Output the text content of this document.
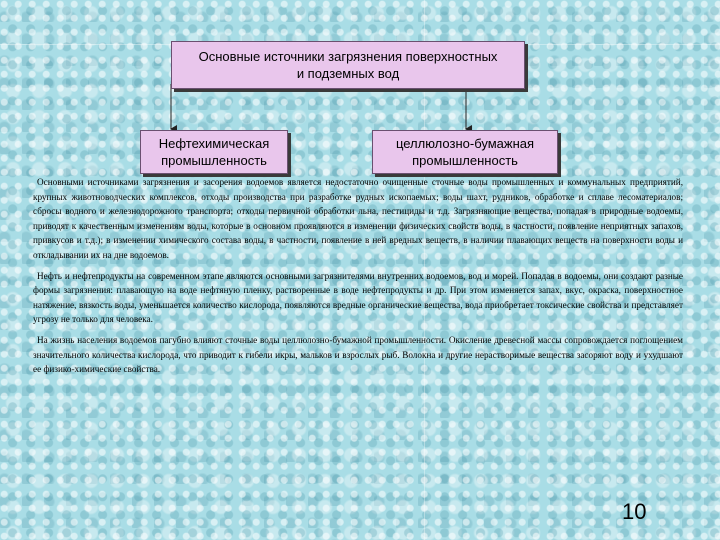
Основные источники загрязнения поверхностных
и подземных вод
Нефтехимическая
промышленность
целлюлозно-бумажная
промышленность

Основными источниками загрязнения и засорения водоемов является недостаточно очищенные сточные воды промышленных и коммунальных предприятий, крупных животноводческих комплексов, отходы производства при разработке рудных ископаемых; воды шахт, рудников, обработке и сплаве лесоматериалов; сбросы водного и железнодорожного транспорта; отходы первичной обработки льна, пестициды и т.д. Загрязняющие вещества, попадая в природные водоемы, приводят к качественным изменениям воды, которые в основном проявляются в изменении физических свойств воды, в частности, появление неприятных запахов, привкусов и т.д.); в изменении химического состава воды, в частности, появление в ней вредных веществ, в наличии плавающих веществ на поверхности воды и откладывании их на дне водоемов.

Нефть и нефтепродукты на современном этапе являются основными загрязнителями внутренних водоемов, вод и морей. Попадая в водоемы, они создают разные формы загрязнения: плавающую на воде нефтяную пленку, растворенные в воде нефтепродукты и др. При этом изменяется запах, вкус, окраска, поверхностное натяжение, вязкость воды, уменьшается количество кислорода, появляются вредные органические вещества, вода приобретает токсические свойства и представляет угрозу не только для человека.

На жизнь населения водоемов пагубно влияют сточные воды целлюлозно-бумажной промышленности. Окисление древесной массы сопровождается поглощением значительного количества кислорода, что приводит к гибели икры, мальков и взрослых рыб. Волокна и другие нерастворимые вещества засоряют воду и ухудшают ее физико-химические свойства.

10
